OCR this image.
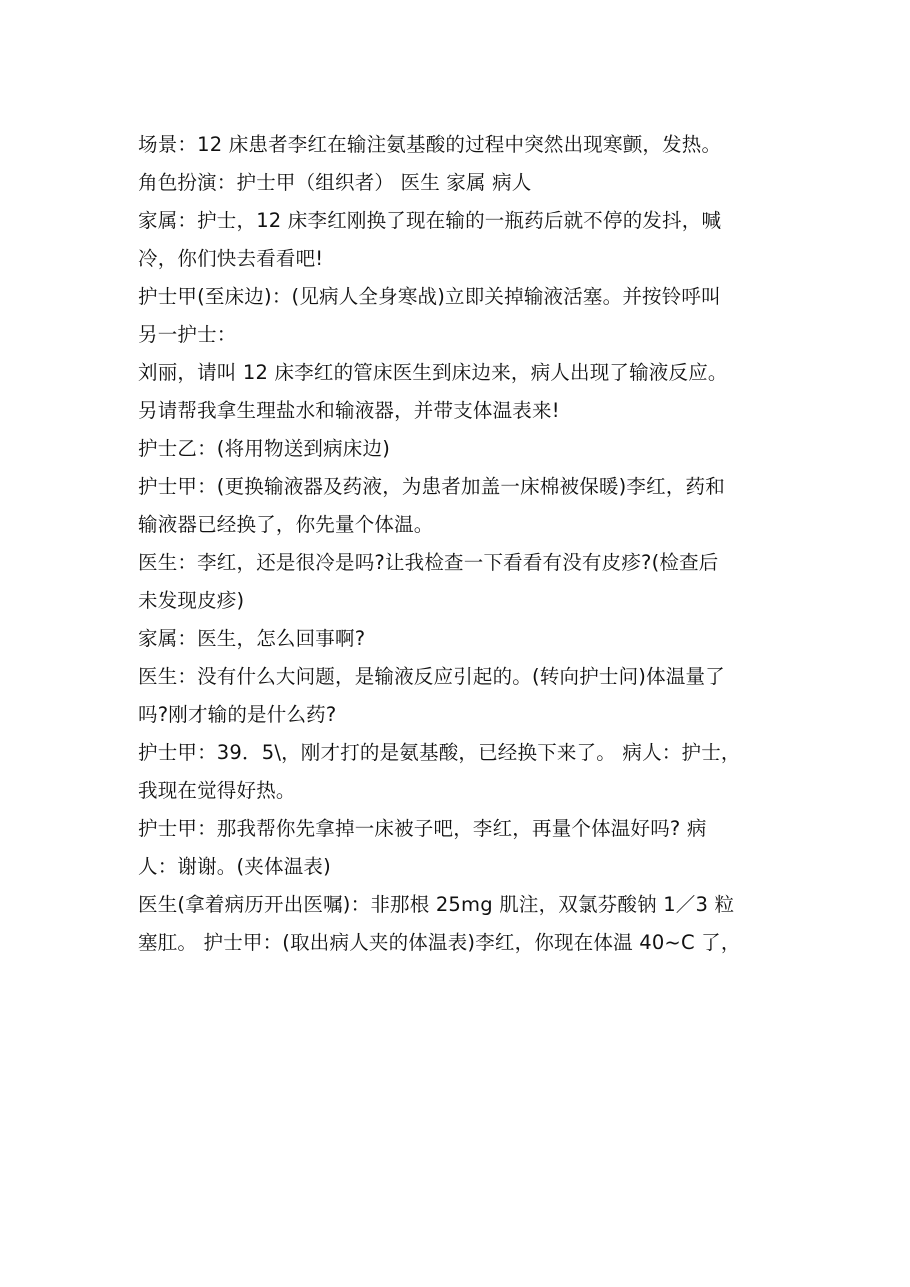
场景：12 床患者李红在输注氨基酸的过程中突然出现寒颤，发热。

角色扮演：护士甲（组织者） 医生 家属 病人

家属：护士，12 床李红刚换了现在输的一瓶药后就不停的发抖，喊

冷，你们快去看看吧!

护士甲(至床边)：(见病人全身寒战)立即关掉输液活塞。并按铃呼叫

另一护士：

刘丽，请叫 12 床李红的管床医生到床边来，病人出现了输液反应。

另请帮我拿生理盐水和输液器，并带支体温表来!

护士乙：(将用物送到病床边)

护士甲：(更换输液器及药液，为患者加盖一床棉被保暖)李红，药和

输液器已经换了，你先量个体温。

医生：李红，还是很冷是吗?让我检查一下看看有没有皮疹?(检查后

未发现皮疹)

家属：医生，怎么回事啊?

医生：没有什么大问题，是输液反应引起的。(转向护士问)体温量了

吗?刚才输的是什么药?

护士甲：39．5\，刚才打的是氨基酸，已经换下来了。 病人：护士，

我现在觉得好热。

护士甲：那我帮你先拿掉一床被子吧，李红，再量个体温好吗? 病

人：谢谢。(夹体温表)

医生(拿着病历开出医嘱)：非那根 25mg 肌注，双氯芬酸钠 1／3 粒

塞肛。 护士甲：(取出病人夹的体温表)李红，你现在体温 40~C 了，
